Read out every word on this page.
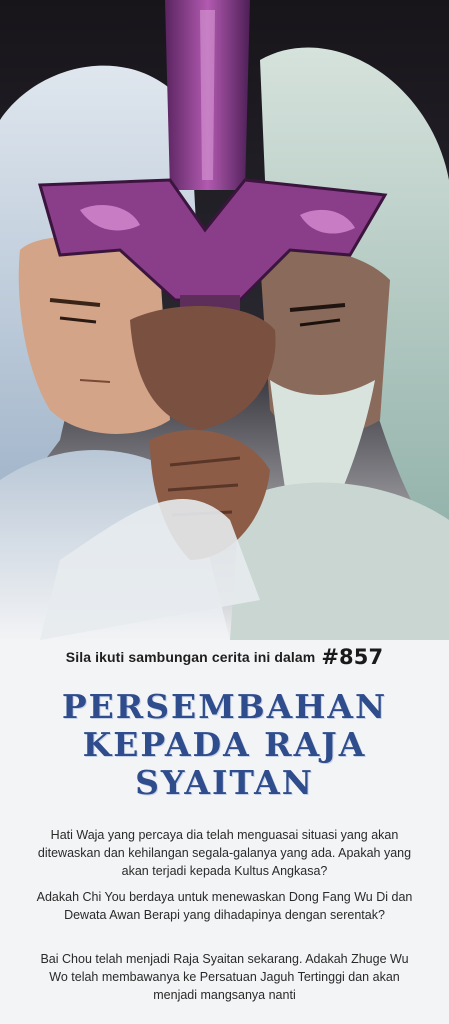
Sila ikuti sambungan cerita ini dalam #857
PERSEMBAHAN
KEPADA RAJA
SYAITAN

Hati Waja yang percaya dia telah menguasai situasi yang akan ditewaskan dan kehilangan segala-galanya yang ada. Apakah yang akan terjadi kepada Kultus Angkasa?

Adakah Chi You berdaya untuk menewaskan Dong Fang Wu Di dan Dewata Awan Berapi yang dihadapinya dengan serentak?

Bai Chou telah menjadi Raja Syaitan sekarang. Adakah Zhuge Wu Wo telah membawanya ke Persatuan Jaguh Tertinggi dan akan menjadi mangsanya nanti
